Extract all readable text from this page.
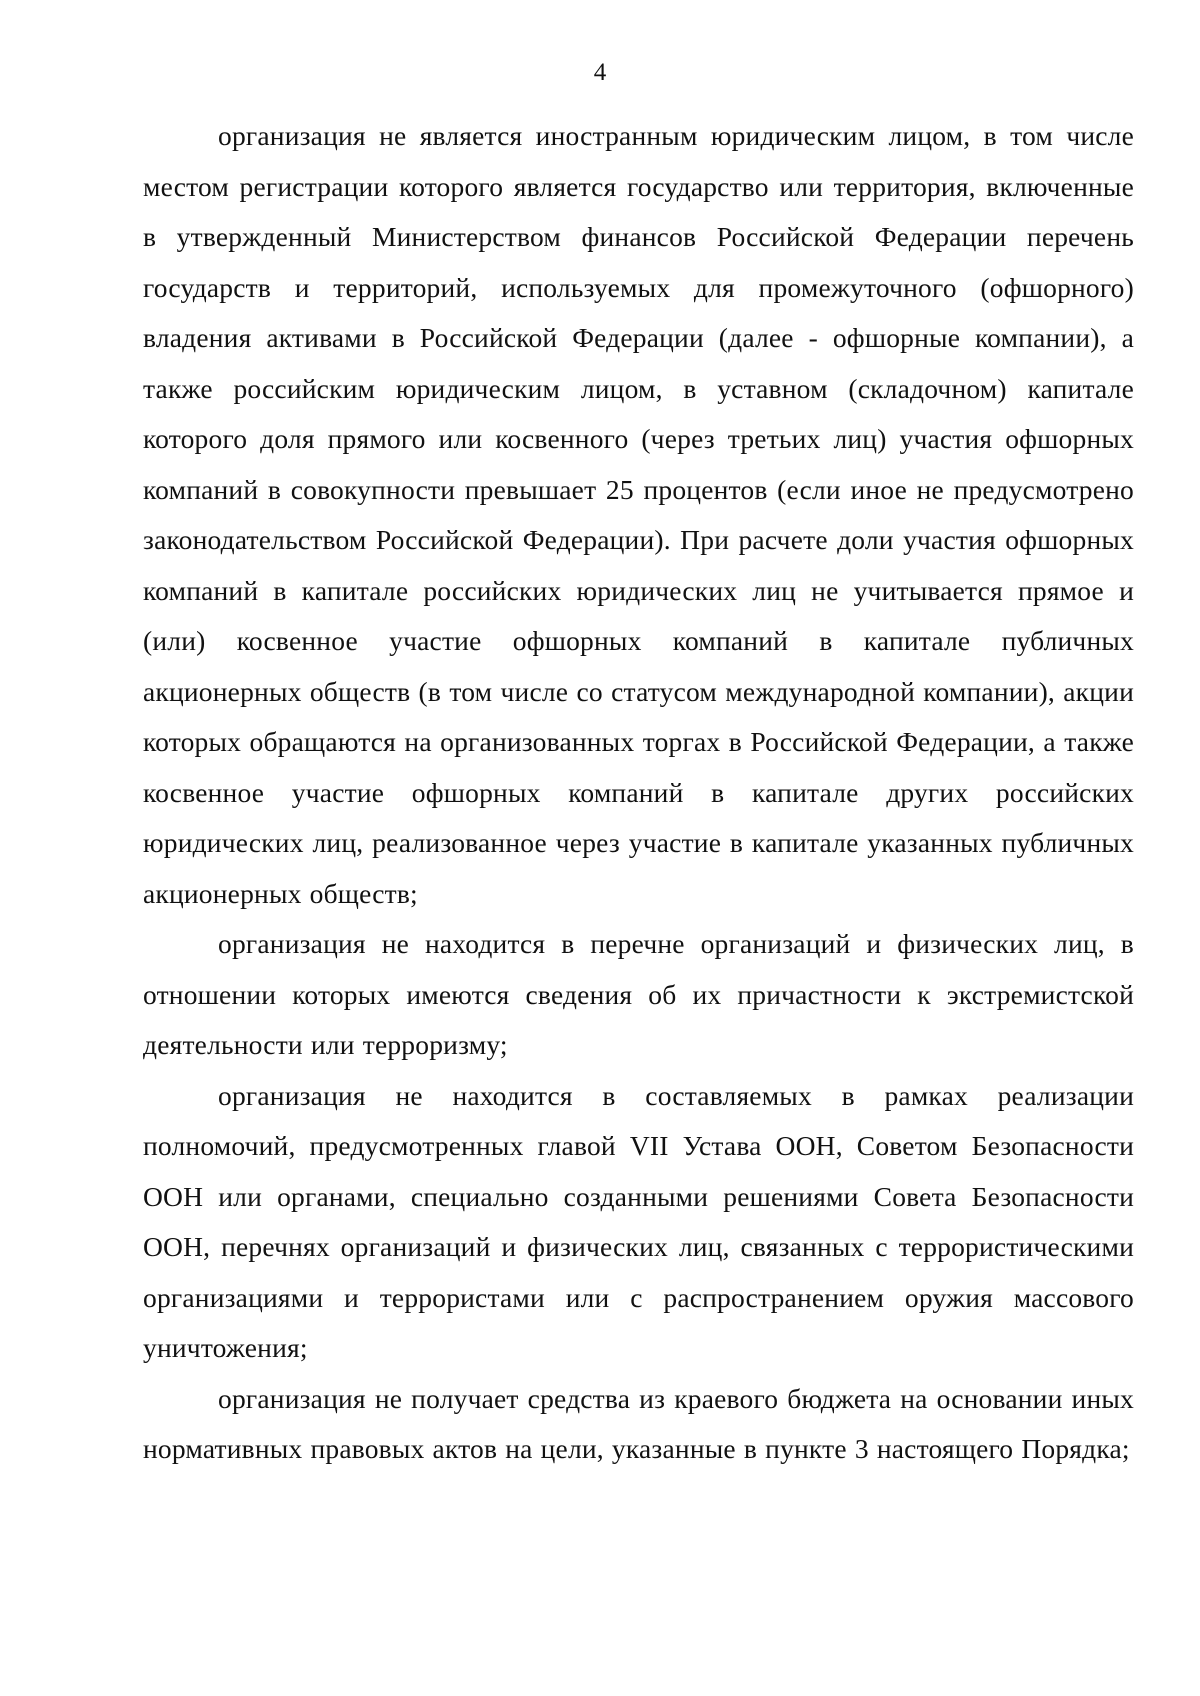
4

организация не является иностранным юридическим лицом, в том числе местом регистрации которого является государство или территория, включенные в утвержденный Министерством финансов Российской Федерации перечень государств и территорий, используемых для промежуточного (офшорного) владения активами в Российской Федерации (далее - офшорные компании), а также российским юридическим лицом, в уставном (складочном) капитале которого доля прямого или косвенного (через третьих лиц) участия офшорных компаний в совокупности превышает 25 процентов (если иное не предусмотрено законодательством Российской Федерации). При расчете доли участия офшорных компаний в капитале российских юридических лиц не учитывается прямое и (или) косвенное участие офшорных компаний в капитале публичных акционерных обществ (в том числе со статусом международной компании), акции которых обращаются на организованных торгах в Российской Федерации, а также косвенное участие офшорных компаний в капитале других российских юридических лиц, реализованное через участие в капитале указанных публичных акционерных обществ;

организация не находится в перечне организаций и физических лиц, в отношении которых имеются сведения об их причастности к экстремистской деятельности или терроризму;

организация не находится в составляемых в рамках реализации полномочий, предусмотренных главой VII Устава ООН, Советом Безопасности ООН или органами, специально созданными решениями Совета Безопасности ООН, перечнях организаций и физических лиц, связанных с террористическими организациями и террористами или с распространением оружия массового уничтожения;

организация не получает средства из краевого бюджета на основании иных нормативных правовых актов на цели, указанные в пункте 3 настоящего Порядка;
